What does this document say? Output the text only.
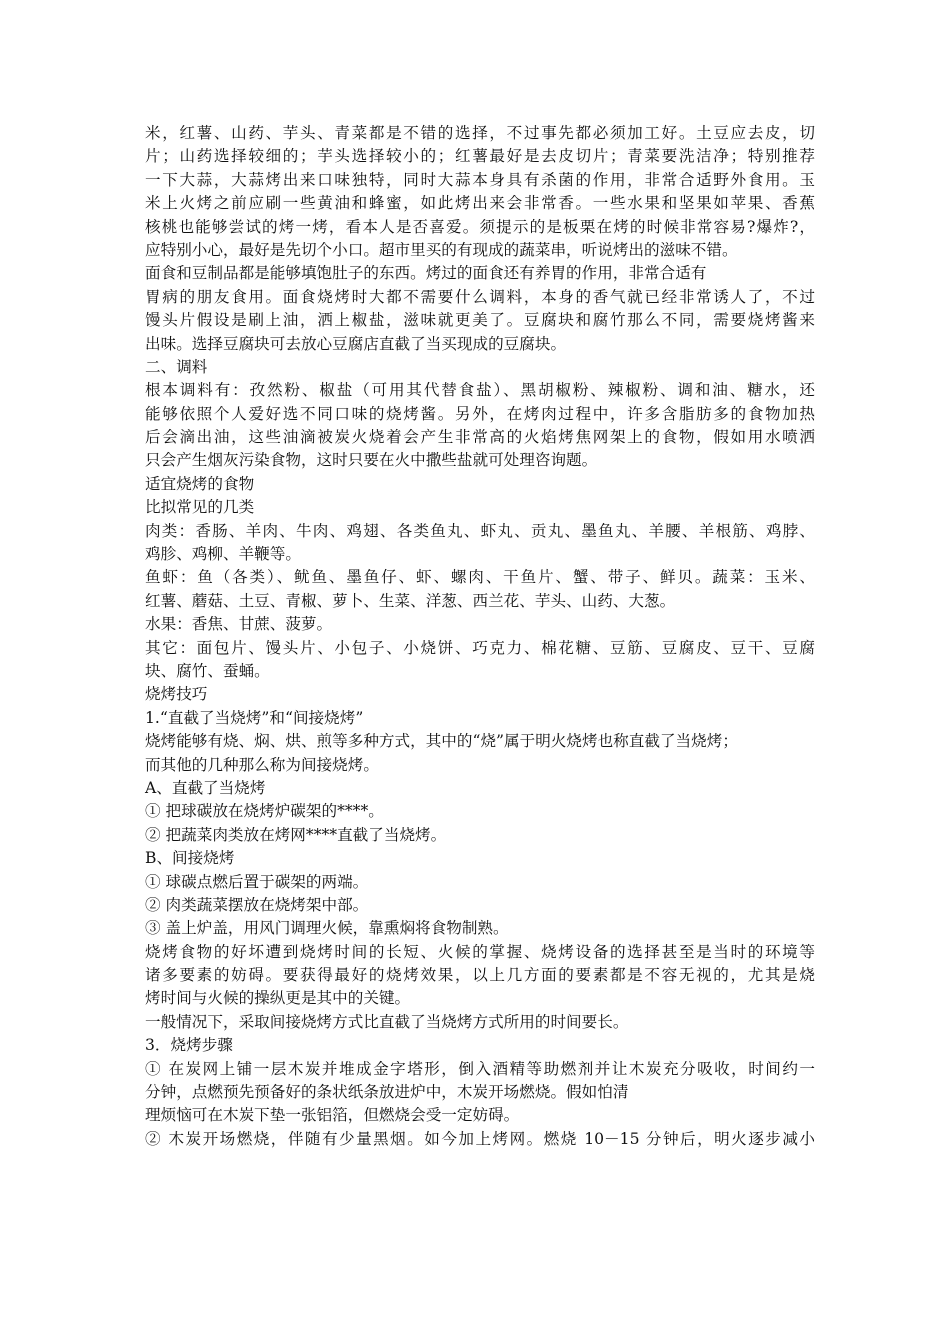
米，红薯、山药、芋头、青菜都是不错的选择，不过事先都必须加工好。土豆应去皮，切
片；山药选择较细的；芋头选择较小的；红薯最好是去皮切片；青菜要洗洁净；特别推荐
一下大蒜，大蒜烤出来口味独特，同时大蒜本身具有杀菌的作用，非常合适野外食用。玉
米上火烤之前应刷一些黄油和蜂蜜，如此烤出来会非常香。一些水果和坚果如苹果、香蕉
核桃也能够尝试的烤一烤，看本人是否喜爱。须提示的是板栗在烤的时候非常容易?爆炸?，
应特别小心，最好是先切个小口。超市里买的有现成的蔬菜串，听说烤出的滋味不错。
面食和豆制品都是能够填饱肚子的东西。烤过的面食还有养胃的作用，非常合适有
胃病的朋友食用。面食烧烤时大都不需要什么调料，本身的香气就已经非常诱人了，不过
馒头片假设是刷上油，洒上椒盐，滋味就更美了。豆腐块和腐竹那么不同，需要烧烤酱来
出味。选择豆腐块可去放心豆腐店直截了当买现成的豆腐块。
二、调料
根本调料有：孜然粉、椒盐（可用其代替食盐）、黑胡椒粉、辣椒粉、调和油、糖水，还
能够依照个人爱好选不同口味的烧烤酱。另外，在烤肉过程中，许多含脂肪多的食物加热
后会滴出油，这些油滴被炭火烧着会产生非常高的火焰烤焦网架上的食物，假如用水喷洒
只会产生烟灰污染食物，这时只要在火中撒些盐就可处理咨询题。
适宜烧烤的食物
比拟常见的几类
肉类：香肠、羊肉、牛肉、鸡翅、各类鱼丸、虾丸、贡丸、墨鱼丸、羊腰、羊根筋、鸡脖、
鸡胗、鸡柳、羊鞭等。
鱼虾：鱼（各类）、鱿鱼、墨鱼仔、虾、螺肉、干鱼片、蟹、带子、鲜贝。蔬菜：玉米、
红薯、蘑菇、土豆、青椒、萝卜、生菜、洋葱、西兰花、芋头、山药、大葱。
水果：香焦、甘蔗、菠萝。
其它：面包片、馒头片、小包子、小烧饼、巧克力、棉花糖、豆筋、豆腐皮、豆干、豆腐
块、腐竹、蚕蛹。
烧烤技巧
1.“直截了当烧烤”和“间接烧烤”
烧烤能够有烧、焖、烘、煎等多种方式，其中的“烧”属于明火烧烤也称直截了当烧烤；
而其他的几种那么称为间接烧烤。
A、直截了当烧烤
① 把球碳放在烧烤炉碳架的****。
② 把蔬菜肉类放在烤网****直截了当烧烤。
B、间接烧烤
① 球碳点燃后置于碳架的两端。
② 肉类蔬菜摆放在烧烤架中部。
③ 盖上炉盖，用风门调理火候，靠熏焖将食物制熟。
烧烤食物的好坏遭到烧烤时间的长短、火候的掌握、烧烤设备的选择甚至是当时的环境等
诸多要素的妨碍。要获得最好的烧烤效果，以上几方面的要素都是不容无视的，尤其是烧
烤时间与火候的操纵更是其中的关键。
一般情况下，采取间接烧烤方式比直截了当烧烤方式所用的时间要长。
3．烧烤步骤
① 在炭网上铺一层木炭并堆成金字塔形，倒入酒精等助燃剂并让木炭充分吸收，时间约一
分钟，点燃预先预备好的条状纸条放进炉中，木炭开场燃烧。假如怕清
理烦恼可在木炭下垫一张铝箔，但燃烧会受一定妨碍。
② 木炭开场燃烧，伴随有少量黑烟。如今加上烤网。燃烧 10－15 分钟后，明火逐步减小
